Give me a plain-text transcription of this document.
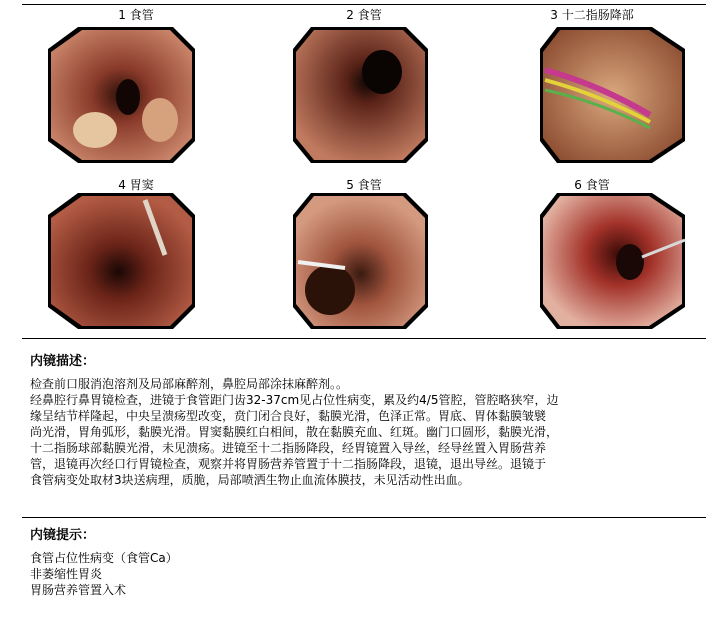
1 食管	2 食管	3 十二指肠降部
4 胃窦	5 食管	6 食管
内镜描述：

检查前口服消泡溶剂及局部麻醉剂，鼻腔局部涂抹麻醉剂。。

经鼻腔行鼻胃镜检查，进镜于食管距门齿32-37cm见占位性病变，累及约4/5管腔，管腔略狭窄，边

缘呈结节样隆起，中央呈溃疡型改变，贲门闭合良好，黏膜光滑，色泽正常。胃底、胃体黏膜皱襞

尚光滑，胃角弧形，黏膜光滑。胃窦黏膜红白相间，散在黏膜充血、红斑。幽门口圆形，黏膜光滑，

十二指肠球部黏膜光滑，未见溃疡。进镜至十二指肠降段，经胃镜置入导丝，经导丝置入胃肠营养

管，退镜再次经口行胃镜检查，观察并将胃肠营养管置于十二指肠降段，退镜，退出导丝。退镜于

食管病变处取材3块送病理，质脆，局部喷洒生物止血流体膜技，未见活动性出血。

内镜提示：

食管占位性病变（食管Ca）

非萎缩性胃炎

胃肠营养管置入术
